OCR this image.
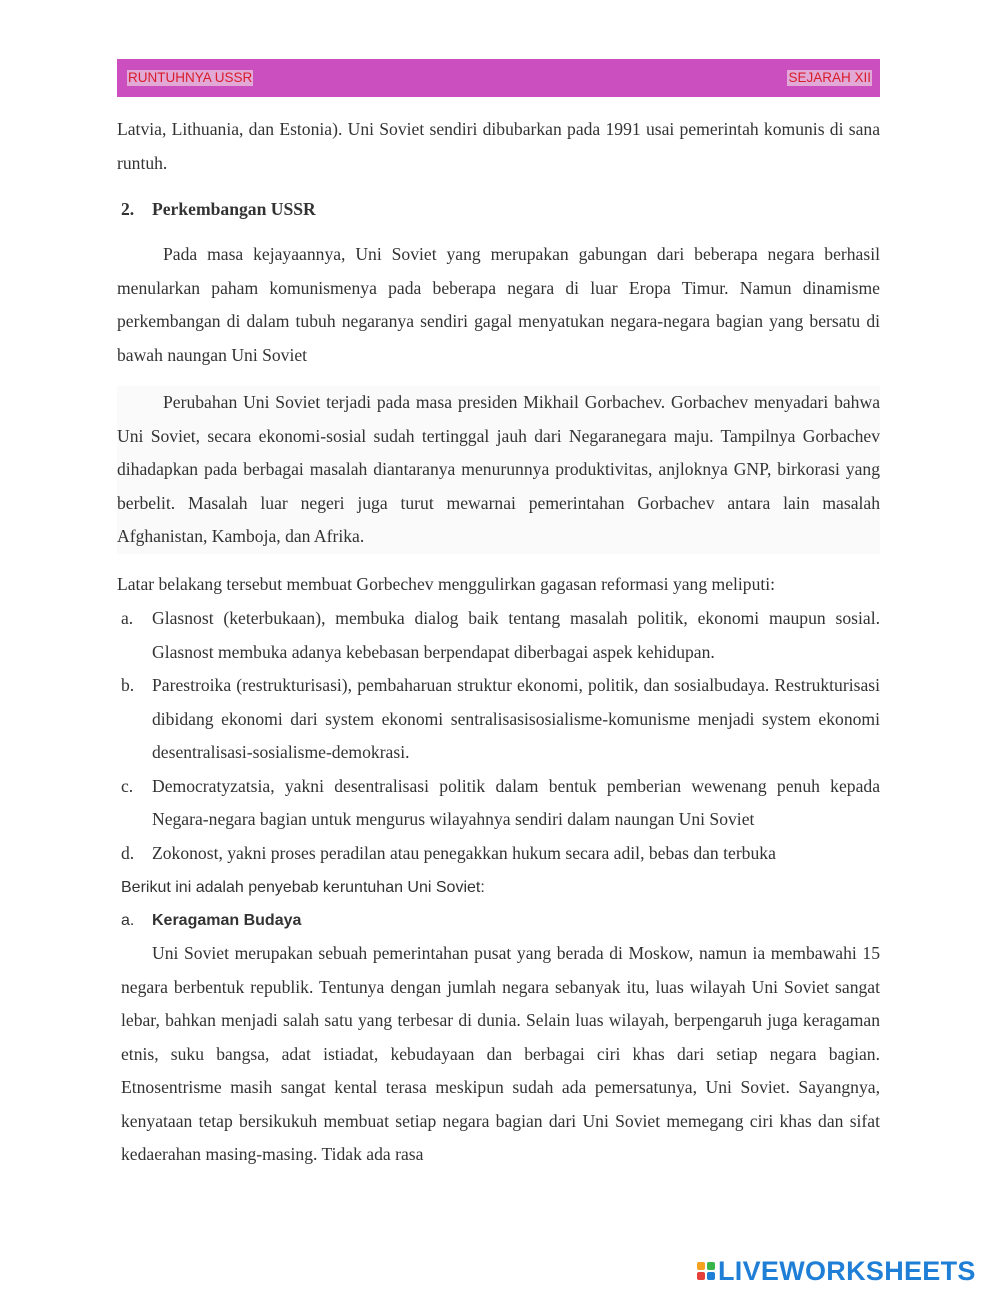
RUNTUHNYA USSR	SEJARAH XII

Latvia, Lithuania, dan Estonia). Uni Soviet sendiri dibubarkan pada 1991 usai pemerintah komunis di sana runtuh.

2. Perkembangan USSR

Pada masa kejayaannya, Uni Soviet yang merupakan gabungan dari beberapa negara berhasil menularkan paham komunismenya pada beberapa negara di luar Eropa Timur. Namun dinamisme perkembangan di dalam tubuh negaranya sendiri gagal menyatukan negara-negara bagian yang bersatu di bawah naungan Uni Soviet

Perubahan Uni Soviet terjadi pada masa presiden Mikhail Gorbachev. Gorbachev menyadari bahwa Uni Soviet, secara ekonomi-sosial sudah tertinggal jauh dari Negaranegara maju. Tampilnya Gorbachev dihadapkan pada berbagai masalah diantaranya menurunnya produktivitas, anjloknya GNP, birkorasi yang berbelit. Masalah luar negeri juga turut mewarnai pemerintahan Gorbachev antara lain masalah Afghanistan, Kamboja, dan Afrika.

Latar belakang tersebut membuat Gorbechev menggulirkan gagasan reformasi yang meliputi:

a. Glasnost (keterbukaan), membuka dialog baik tentang masalah politik, ekonomi maupun sosial. Glasnost membuka adanya kebebasan berpendapat diberbagai aspek kehidupan.
b. Parestroika (restrukturisasi), pembaharuan struktur ekonomi, politik, dan sosialbudaya. Restrukturisasi dibidang ekonomi dari system ekonomi sentralisasisosialisme-komunisme menjadi system ekonomi desentralisasi-sosialisme-demokrasi.
c. Democratyzatsia, yakni desentralisasi politik dalam bentuk pemberian wewenang penuh kepada Negara-negara bagian untuk mengurus wilayahnya sendiri dalam naungan Uni Soviet
d. Zokonost, yakni proses peradilan atau penegakkan hukum secara adil, bebas dan terbuka
Berikut ini adalah penyebab keruntuhan Uni Soviet:
a. Keragaman Budaya

Uni Soviet merupakan sebuah pemerintahan pusat yang berada di Moskow, namun ia membawahi 15 negara berbentuk republik. Tentunya dengan jumlah negara sebanyak itu, luas wilayah Uni Soviet sangat lebar, bahkan menjadi salah satu yang terbesar di dunia. Selain luas wilayah, berpengaruh juga keragaman etnis, suku bangsa, adat istiadat, kebudayaan dan berbagai ciri khas dari setiap negara bagian. Etnosentrisme masih sangat kental terasa meskipun sudah ada pemersatunya, Uni Soviet. Sayangnya, kenyataan tetap bersikukuh membuat setiap negara bagian dari Uni Soviet memegang ciri khas dan sifat kedaerahan masing-masing. Tidak ada rasa

LIVEWORKSHEETS
